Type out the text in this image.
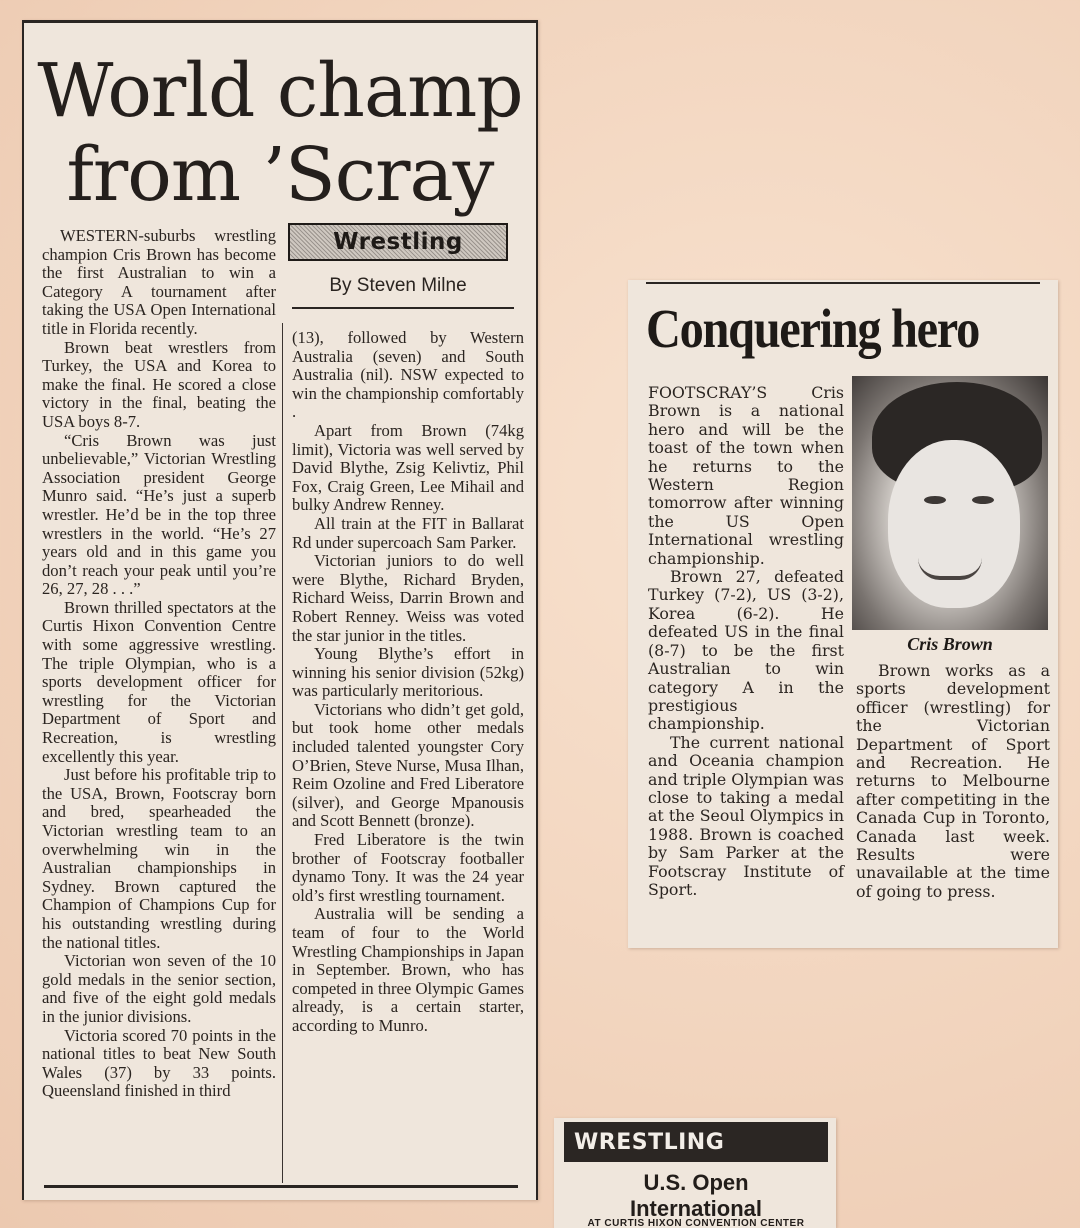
World champ
from ’Scray

WESTERN-suburbs wrestling champion Cris Brown has become the first Australian to win a Category A tournament after taking the USA Open International title in Florida recently.

Brown beat wrestlers from Turkey, the USA and Korea to make the final. He scored a close victory in the final, beating the USA boys 8-7.

“Cris Brown was just unbelievable,” Victorian Wrestling Association president George Munro said. “He’s just a superb wrestler. He’d be in the top three wrestlers in the world. “He’s 27 years old and in this game you don’t reach your peak until you’re 26, 27, 28 . . .”

Brown thrilled spectators at the Curtis Hixon Convention Centre with some aggressive wrestling. The triple Olympian, who is a sports development officer for wrestling for the Victorian Department of Sport and Recreation, is wrestling excellently this year.

Just before his profitable trip to the USA, Brown, Footscray born and bred, spearheaded the Victorian wrestling team to an overwhelming win in the Australian championships in Sydney. Brown captured the Champion of Champions Cup for his outstanding wrestling during the national titles.

Victorian won seven of the 10 gold medals in the senior section, and five of the eight gold medals in the junior divisions.

Victoria scored 70 points in the national titles to beat New South Wales (37) by 33 points. Queensland finished in third

Wrestling
By Steven Milne

(13), followed by Western Australia (seven) and South Australia (nil). NSW expected to win the championship comfortably .

Apart from Brown (74kg limit), Victoria was well served by David Blythe, Zsig Kelivtiz, Phil Fox, Craig Green, Lee Mihail and bulky Andrew Renney.

All train at the FIT in Ballarat Rd under supercoach Sam Parker.

Victorian juniors to do well were Blythe, Richard Bryden, Richard Weiss, Darrin Brown and Robert Renney. Weiss was voted the star junior in the titles.

Young Blythe’s effort in winning his senior division (52kg) was particularly meritorious.

Victorians who didn’t get gold, but took home other medals included talented youngster Cory O’Brien, Steve Nurse, Musa Ilhan, Reim Ozoline and Fred Liberatore (silver), and George Mpanousis and Scott Bennett (bronze).

Fred Liberatore is the twin brother of Footscray footballer dynamo Tony. It was the 24 year old’s first wrestling tournament.

Australia will be sending a team of four to the World Wrestling Championships in Japan in September. Brown, who has competed in three Olympic Games already, is a certain starter, according to Munro.

Conquering hero
Cris Brown

FOOTSCRAY’S Cris Brown is a national hero and will be the toast of the town when he returns to the Western Region tomorrow after winning the US Open International wrestling championship.

Brown 27, defeated Turkey (7-2), US (3-2), Korea (6-2). He defeated US in the final (8-7) to be the first Australian to win category A in the prestigious championship.

The current national and Oceania champion and triple Olympian was close to taking a medal at the Seoul Olympics in 1988. Brown is coached by Sam Parker at the Footscray Institute of Sport.

Brown works as a sports development officer (wrestling) for the Victorian Department of Sport and Recreation. He returns to Melbourne after competiting in the Canada Cup in Toronto, Canada last week. Results were unavailable at the time of going to press.

WRESTLING
U.S. Open
International
AT CURTIS HIXON CONVENTION CENTER
